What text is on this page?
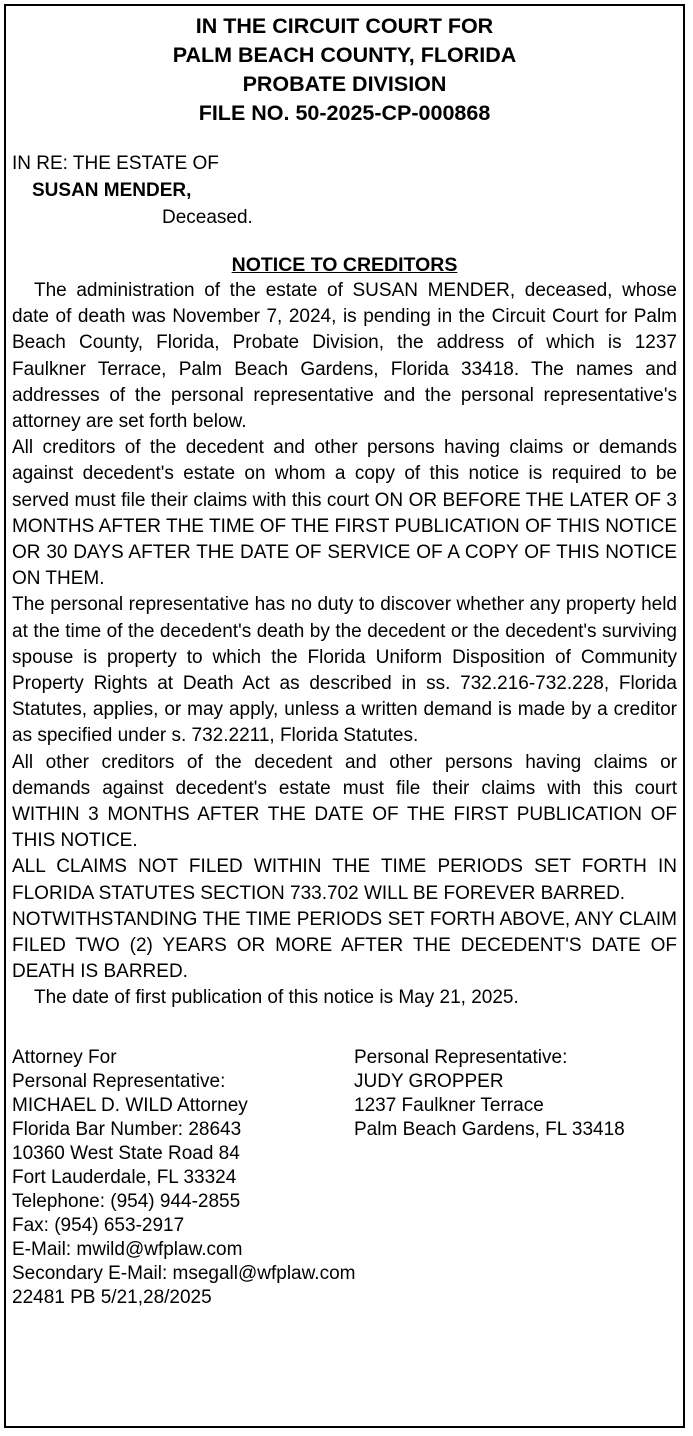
IN THE CIRCUIT COURT FOR
PALM BEACH COUNTY, FLORIDA
PROBATE DIVISION
FILE NO. 50-2025-CP-000868
IN RE: THE ESTATE OF
SUSAN MENDER,
Deceased.
NOTICE TO CREDITORS

The administration of the estate of SUSAN MENDER, deceased, whose date of death was November 7, 2024, is pending in the Circuit Court for Palm Beach County, Florida, Probate Division, the address of which is 1237 Faulkner Terrace, Palm Beach Gardens, Florida 33418. The names and addresses of the personal representative and the personal representative's attorney are set forth below.

All creditors of the decedent and other persons having claims or demands against decedent's estate on whom a copy of this notice is required to be served must file their claims with this court ON OR BEFORE THE LATER OF 3 MONTHS AFTER THE TIME OF THE FIRST PUBLICATION OF THIS NOTICE OR 30 DAYS AFTER THE DATE OF SERVICE OF A COPY OF THIS NOTICE ON THEM.

The personal representative has no duty to discover whether any property held at the time of the decedent's death by the decedent or the decedent's surviving spouse is property to which the Florida Uniform Disposition of Community Property Rights at Death Act as described in ss. 732.216-732.228, Florida Statutes, applies, or may apply, unless a written demand is made by a creditor as specified under s. 732.2211, Florida Statutes.

All other creditors of the decedent and other persons having claims or demands against decedent's estate must file their claims with this court WITHIN 3 MONTHS AFTER THE DATE OF THE FIRST PUBLICATION OF THIS NOTICE.

ALL CLAIMS NOT FILED WITHIN THE TIME PERIODS SET FORTH IN FLORIDA STATUTES SECTION 733.702 WILL BE FOREVER BARRED.

NOTWITHSTANDING THE TIME PERIODS SET FORTH ABOVE, ANY CLAIM FILED TWO (2) YEARS OR MORE AFTER THE DECEDENT'S DATE OF DEATH IS BARRED.

The date of first publication of this notice is May 21, 2025.

Attorney For
Personal Representative:
MICHAEL D. WILD Attorney
Florida Bar Number: 28643
10360 West State Road 84
Fort Lauderdale, FL 33324
Telephone: (954) 944-2855
Fax: (954) 653-2917
E-Mail: mwild@wfplaw.com
Secondary E-Mail: msegall@wfplaw.com
22481 PB 5/21,28/2025
Personal Representative:
JUDY GROPPER
1237 Faulkner Terrace
Palm Beach Gardens, FL 33418
